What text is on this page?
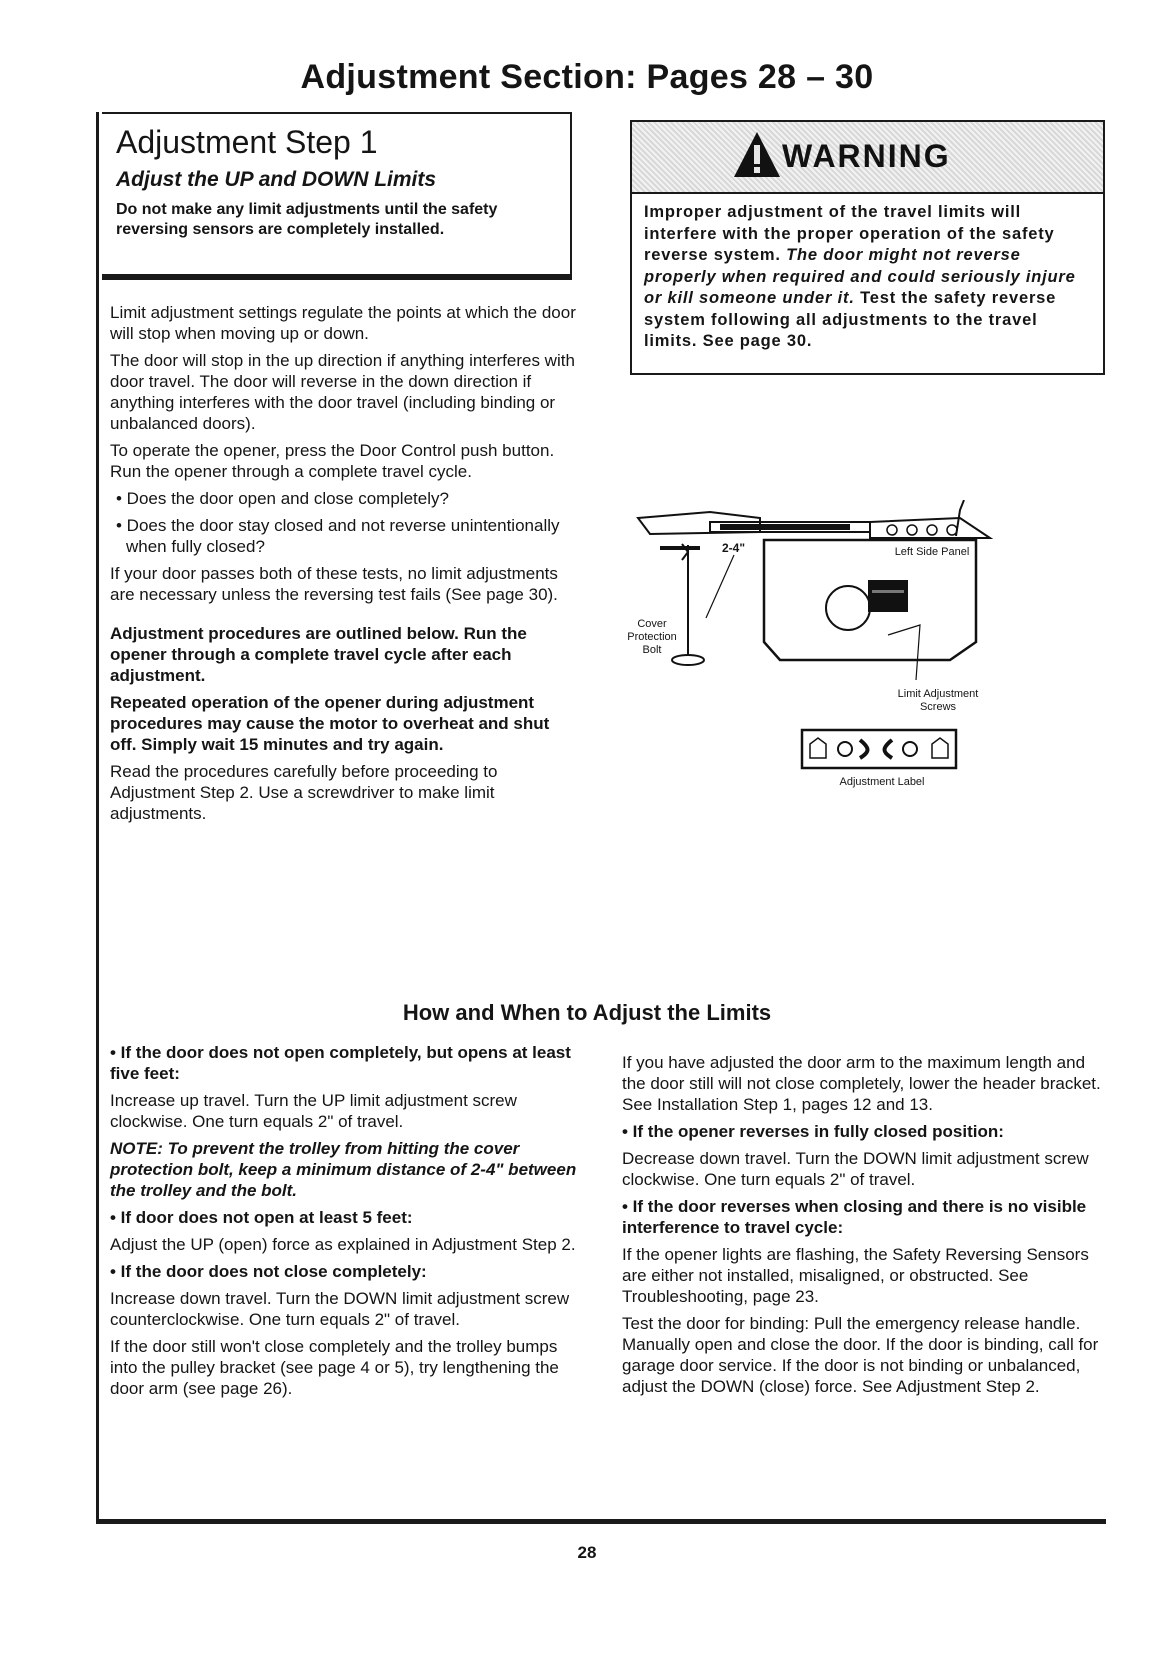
Adjustment Section: Pages 28 – 30
Adjustment Step 1
Adjust the UP and DOWN Limits
Do not make any limit adjustments until the safety reversing sensors are completely installed.
WARNING
Improper adjustment of the travel limits will interfere with the proper operation of the safety reverse system. The door might not reverse properly when required and could seriously injure or kill someone under it. Test the safety reverse system following all adjustments to the travel limits. See page 30.

Limit adjustment settings regulate the points at which the door will stop when moving up or down.

The door will stop in the up direction if anything interferes with door travel. The door will reverse in the down direction if anything interferes with the door travel (including binding or unbalanced doors).

To operate the opener, press the Door Control push button. Run the opener through a complete travel cycle.

• Does the door open and close completely?

• Does the door stay closed and not reverse unintentionally when fully closed?

If your door passes both of these tests, no limit adjustments are necessary unless the reversing test fails (See page 30).

Adjustment procedures are outlined below. Run the opener through a complete travel cycle after each adjustment.

Repeated operation of the opener during adjustment procedures may cause the motor to overheat and shut off. Simply wait 15 minutes and try again.

Read the procedures carefully before proceeding to Adjustment Step 2. Use a screwdriver to make limit adjustments.

2-4"
Cover Protection Bolt
Left Side Panel
Limit Adjustment Screws
Adjustment Label
How and When to Adjust the Limits

• If the door does not open completely, but opens at least five feet:

Increase up travel. Turn the UP limit adjustment screw clockwise. One turn equals 2" of travel.

NOTE: To prevent the trolley from hitting the cover protection bolt, keep a minimum distance of 2-4" between the trolley and the bolt.

• If door does not open at least 5 feet:

Adjust the UP (open) force as explained in Adjustment Step 2.

• If the door does not close completely:

Increase down travel. Turn the DOWN limit adjustment screw counterclockwise. One turn equals 2" of travel.

If the door still won't close completely and the trolley bumps into the pulley bracket (see page 4 or 5), try lengthening the door arm (see page 26).

If you have adjusted the door arm to the maximum length and the door still will not close completely, lower the header bracket. See Installation Step 1, pages 12 and 13.

• If the opener reverses in fully closed position:

Decrease down travel. Turn the DOWN limit adjustment screw clockwise. One turn equals 2" of travel.

• If the door reverses when closing and there is no visible interference to travel cycle:

If the opener lights are flashing, the Safety Reversing Sensors are either not installed, misaligned, or obstructed. See Troubleshooting, page 23.

Test the door for binding: Pull the emergency release handle. Manually open and close the door. If the door is binding, call for garage door service. If the door is not binding or unbalanced, adjust the DOWN (close) force. See Adjustment Step 2.

28
